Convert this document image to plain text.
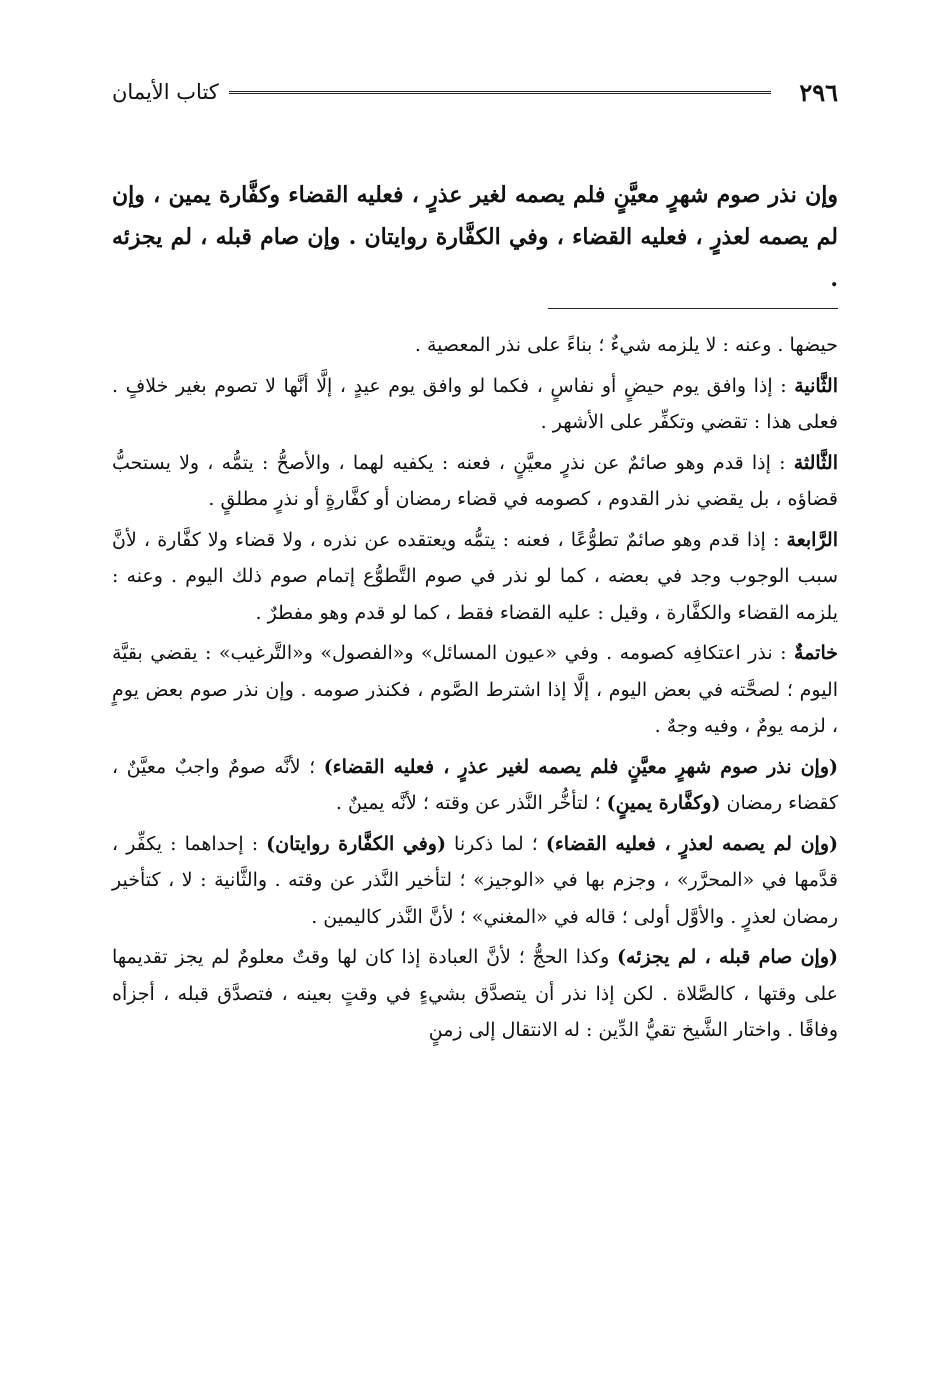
٢٩٦
كتاب الأيمان
وإن نذر صوم شهرٍ معيَّنٍ فلم يصمه لغير عذرٍ ، فعليه القضاء وكفَّارة يمين ، وإن لم يصمه لعذرٍ ، فعليه القضاء ، وفي الكفَّارة روايتان . وإن صام قبله ، لم يجزئه .

حيضها . وعنه : لا يلزمه شيءٌ ؛ بناءً على نذر المعصية .

الثَّانية : إذا وافق يوم حيضٍ أو نفاسٍ ، فكما لو وافق يوم عيدٍ ، إلَّا أنَّها لا تصوم بغير خلافٍ . فعلى هذا : تقضي وتكفِّر على الأشهر .

الثَّالثة : إذا قدم وهو صائمٌ عن نذرٍ معيَّنٍ ، فعنه : يكفيه لهما ، والأصحُّ : يتمُّه ، ولا يستحبُّ قضاؤه ، بل يقضي نذر القدوم ، كصومه في قضاء رمضان أو كفَّارةٍ أو نذرٍ مطلقٍ .

الرَّابعة : إذا قدم وهو صائمٌ تطوُّعًا ، فعنه : يتمُّه ويعتقده عن نذره ، ولا قضاء ولا كفَّارة ، لأنَّ سبب الوجوب وجد في بعضه ، كما لو نذر في صوم التَّطوُّع إتمام صوم ذلك اليوم . وعنه : يلزمه القضاء والكفَّارة ، وقيل : عليه القضاء فقط ، كما لو قدم وهو مفطرٌ .

خاتمةٌ : نذر اعتكافِه كصومه . وفي «عيون المسائل» و«الفصول» و«التَّرغيب» : يقضي بقيَّة اليوم ؛ لصحَّته في بعض اليوم ، إلَّا إذا اشترط الصَّوم ، فكنذر صومه . وإن نذر صوم بعض يومٍ ، لزمه يومٌ ، وفيه وجهٌ .

(وإن نذر صوم شهرٍ معيَّنٍ فلم يصمه لغير عذرٍ ، فعليه القضاء) ؛ لأنَّه صومٌ واجبٌ معيَّنٌ ، كقضاء رمضان (وكفَّارة يمينٍ) ؛ لتأخُّر النَّذر عن وقته ؛ لأنَّه يمينٌ .

(وإن لم يصمه لعذرٍ ، فعليه القضاء) ؛ لما ذكرنا (وفي الكفَّارة روايتان) : إحداهما : يكفِّر ، قدَّمها في «المحرَّر» ، وجزم بها في «الوجيز» ؛ لتأخير النَّذر عن وقته . والثَّانية : لا ، كتأخير رمضان لعذرٍ . والأوَّل أولى ؛ قاله في «المغني» ؛ لأنَّ النَّذر كاليمين .

(وإن صام قبله ، لم يجزئه) وكذا الحجُّ ؛ لأنَّ العبادة إذا كان لها وقتٌ معلومٌ لم يجز تقديمها على وقتها ، كالصَّلاة . لكن إذا نذر أن يتصدَّق بشيءٍ في وقتٍ بعينه ، فتصدَّق قبله ، أجزأه وفاقًا . واختار الشَّيخ تقيُّ الدِّين : له الانتقال إلى زمنٍ
